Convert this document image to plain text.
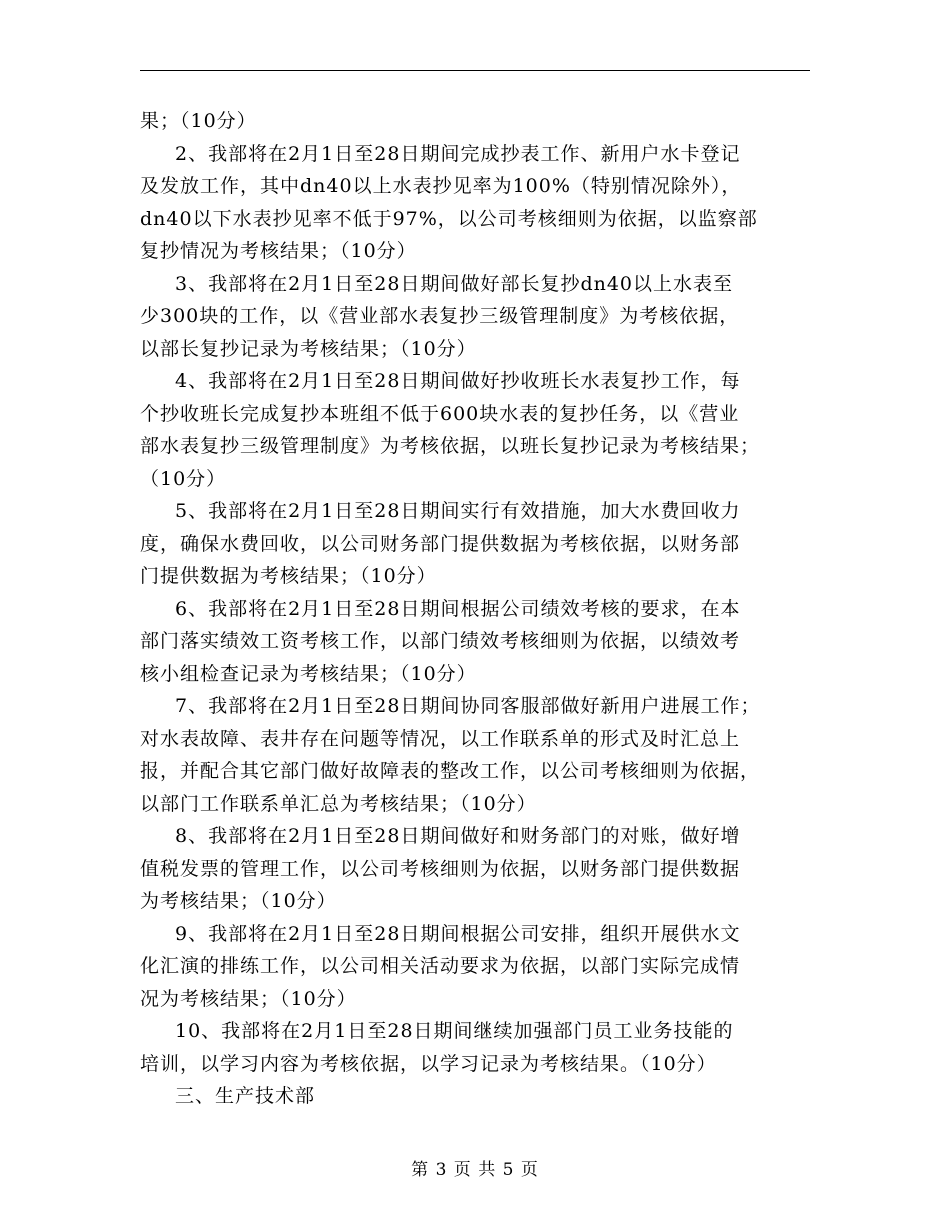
果；（10分）
2、我部将在2月1日至28日期间完成抄表工作、新用户水卡登记
及发放工作，其中dn40以上水表抄见率为100%（特别情况除外），
dn40以下水表抄见率不低于97%，以公司考核细则为依据，以监察部
复抄情况为考核结果；（10分）
3、我部将在2月1日至28日期间做好部长复抄dn40以上水表至
少300块的工作，以《营业部水表复抄三级管理制度》为考核依据，
以部长复抄记录为考核结果；（10分）
4、我部将在2月1日至28日期间做好抄收班长水表复抄工作，每
个抄收班长完成复抄本班组不低于600块水表的复抄任务，以《营业
部水表复抄三级管理制度》为考核依据，以班长复抄记录为考核结果；
（10分）
5、我部将在2月1日至28日期间实行有效措施，加大水费回收力
度，确保水费回收，以公司财务部门提供数据为考核依据，以财务部
门提供数据为考核结果；（10分）
6、我部将在2月1日至28日期间根据公司绩效考核的要求，在本
部门落实绩效工资考核工作，以部门绩效考核细则为依据，以绩效考
核小组检查记录为考核结果；（10分）
7、我部将在2月1日至28日期间协同客服部做好新用户进展工作；
对水表故障、表井存在问题等情况，以工作联系单的形式及时汇总上
报，并配合其它部门做好故障表的整改工作，以公司考核细则为依据，
以部门工作联系单汇总为考核结果；（10分）
8、我部将在2月1日至28日期间做好和财务部门的对账，做好增
值税发票的管理工作，以公司考核细则为依据，以财务部门提供数据
为考核结果；（10分）
9、我部将在2月1日至28日期间根据公司安排，组织开展供水文
化汇演的排练工作，以公司相关活动要求为依据，以部门实际完成情
况为考核结果；（10分）
10、我部将在2月1日至28日期间继续加强部门员工业务技能的
培训，以学习内容为考核依据，以学习记录为考核结果。（10分）
三、生产技术部
第 3 页 共 5 页
